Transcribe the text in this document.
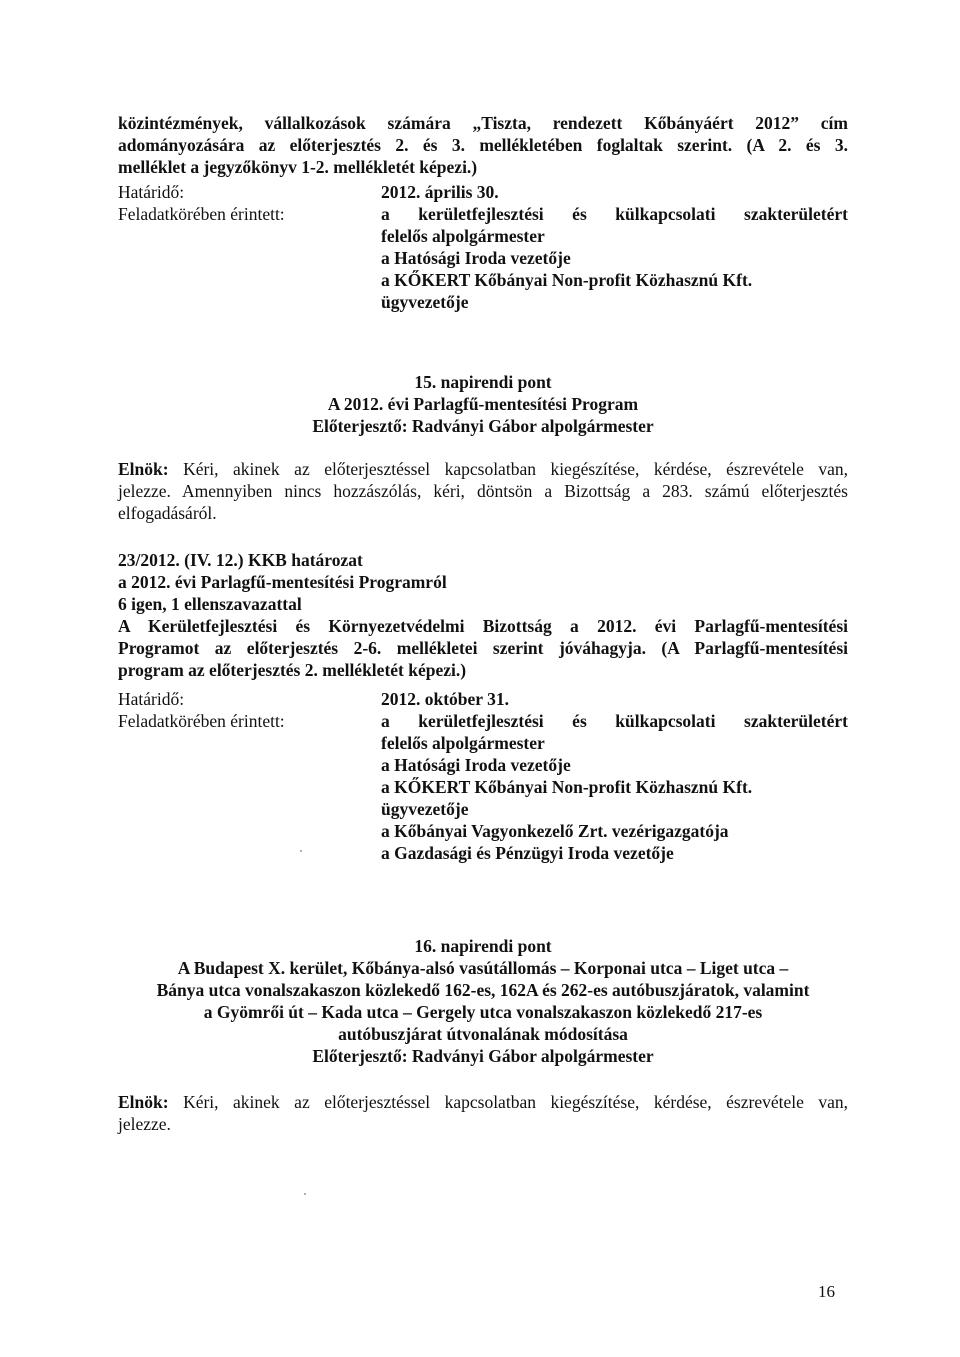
közintézmények, vállalkozások számára „Tiszta, rendezett Kőbányáért 2012” cím
adományozására az előterjesztés 2. és 3. mellékletében foglaltak szerint. (A 2. és 3.
melléklet a jegyzőkönyv 1-2. mellékletét képezi.)
Határidő:	2012. április 30.
Feladatkörében érintett:	a kerületfejlesztési és külkapcsolati szakterületért
felelős alpolgármester
a Hatósági Iroda vezetője
a KŐKERT Kőbányai Non-profit Közhasznú Kft.
ügyvezetője
15. napirendi pont
A 2012. évi Parlagfű-mentesítési Program
Előterjesztő: Radványi Gábor alpolgármester
Elnök: Kéri, akinek az előterjesztéssel kapcsolatban kiegészítése, kérdése, észrevétele van,
jelezze. Amennyiben nincs hozzászólás, kéri, döntsön a Bizottság a 283. számú előterjesztés
elfogadásáról.
23/2012. (IV. 12.) KKB határozat
a 2012. évi Parlagfű-mentesítési Programról
6 igen, 1 ellenszavazattal
A Kerületfejlesztési és Környezetvédelmi Bizottság a 2012. évi Parlagfű-mentesítési
Programot az előterjesztés 2-6. mellékletei szerint jóváhagyja. (A Parlagfű-mentesítési
program az előterjesztés 2. mellékletét képezi.)
Határidő:	2012. október 31.
Feladatkörében érintett:	a kerületfejlesztési és külkapcsolati szakterületért
felelős alpolgármester
a Hatósági Iroda vezetője
a KŐKERT Kőbányai Non-profit Közhasznú Kft.
ügyvezetője
a Kőbányai Vagyonkezelő Zrt. vezérigazgatója
a Gazdasági és Pénzügyi Iroda vezetője
16. napirendi pont
A Budapest X. kerület, Kőbánya-alsó vasútállomás – Korponai utca – Liget utca –
Bánya utca vonalszakaszon közlekedő 162-es, 162A és 262-es autóbuszjáratok, valamint
a Gyömrői út – Kada utca – Gergely utca vonalszakaszon közlekedő 217-es
autóbuszjárat útvonalának módosítása
Előterjesztő: Radványi Gábor alpolgármester
Elnök: Kéri, akinek az előterjesztéssel kapcsolatban kiegészítése, kérdése, észrevétele van,
jelezze.
16
